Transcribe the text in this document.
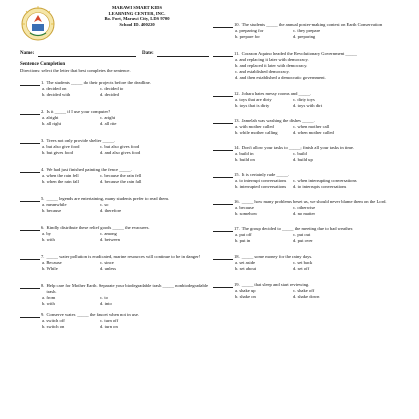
MARAWI SMART KIDS
LEARNING CENTER, INC.
Bo. Fort, Marawi City, LDS 9700
School ID. 400220
Name:	Date:
Sentence Completion
Directions: select the letter that best completes the sentence.
1. The students _____ do their projects before the deadline.
a. decided on	c. decided to
b. decided with	d. decided
2. Is it _____ if I use your computer?
a. alright	c. aright
b. all right	d. all rite
3. Trees not only provide shelter _____.
a. but also give food	c. but also gives food
b. but gives food	d. and also gives food
4. We had just finished painting the fence _____.
a. when the rain fell	c. because the rain fell
b. when the rain fall	d. because the rain fall
5. _____ legends are entertaining, many students prefer to read them.
a. meanwhile	c. so
b. because	d. therefore
6. Kindly distribute these relief goods _____ the evacuees.
a. by	c. among
b. with	d. between
7. _____ water pollution is eradicated, marine resources will continue to be in danger!
a. Because	c. since
b. While	d. unless
8. Help care for Mother Earth. Separate your biodegradable trash _____ nonbiodegradable trash.
a. from	c. to
b. with	d. into
9. Conserve water. _____ the faucet when not in use.
a. switch off	c. turn off
b. switch on	d. turn on
10. The students _____ the annual poster-making contest on Earth Conservation
a. preparing for	c. they prepare
b. prepare for	d. preparing
11. Corazon Aquino headed the Revolutionary Government _____
a. and replacing it later with democracy.
b. and replaced it later with democracy.
c. and established democracy.
d. and then established a democratic government.
12. Johara hates messy rooms and _____.
a. toys that are dirty	c. dirty toys
b. toys that is dirty	d. toys with dirt
13. Jamelah was washing the dishes _____.
a. with mother called	c. when mother call
b. while mother calling	d. when mother called
14. Don't allow your tasks to _____; finish all your tasks in time.
a. build in	c. build
b. build on	d. build up
15. It is certainly rude _____.
a. to interrupt conversations	c. when interrupting conversations
b. interrupted conversations	d. to interrupts conversations
16. _____ how many problems beset us, we should never blame them on the Lord.
a. because	c. otherwise
b. somehow	d. no matter
17. The group decided to _____ the meeting due to bad weather.
a. put off	c. put out
b. put in	d. put over
18. _____ some money for the rainy days.
a. set aside	c. set back
b. set about	d. set off
19. _____ that sleep and start reviewing.
a. shake up	c. shake off
b. shake on	d. shake down
